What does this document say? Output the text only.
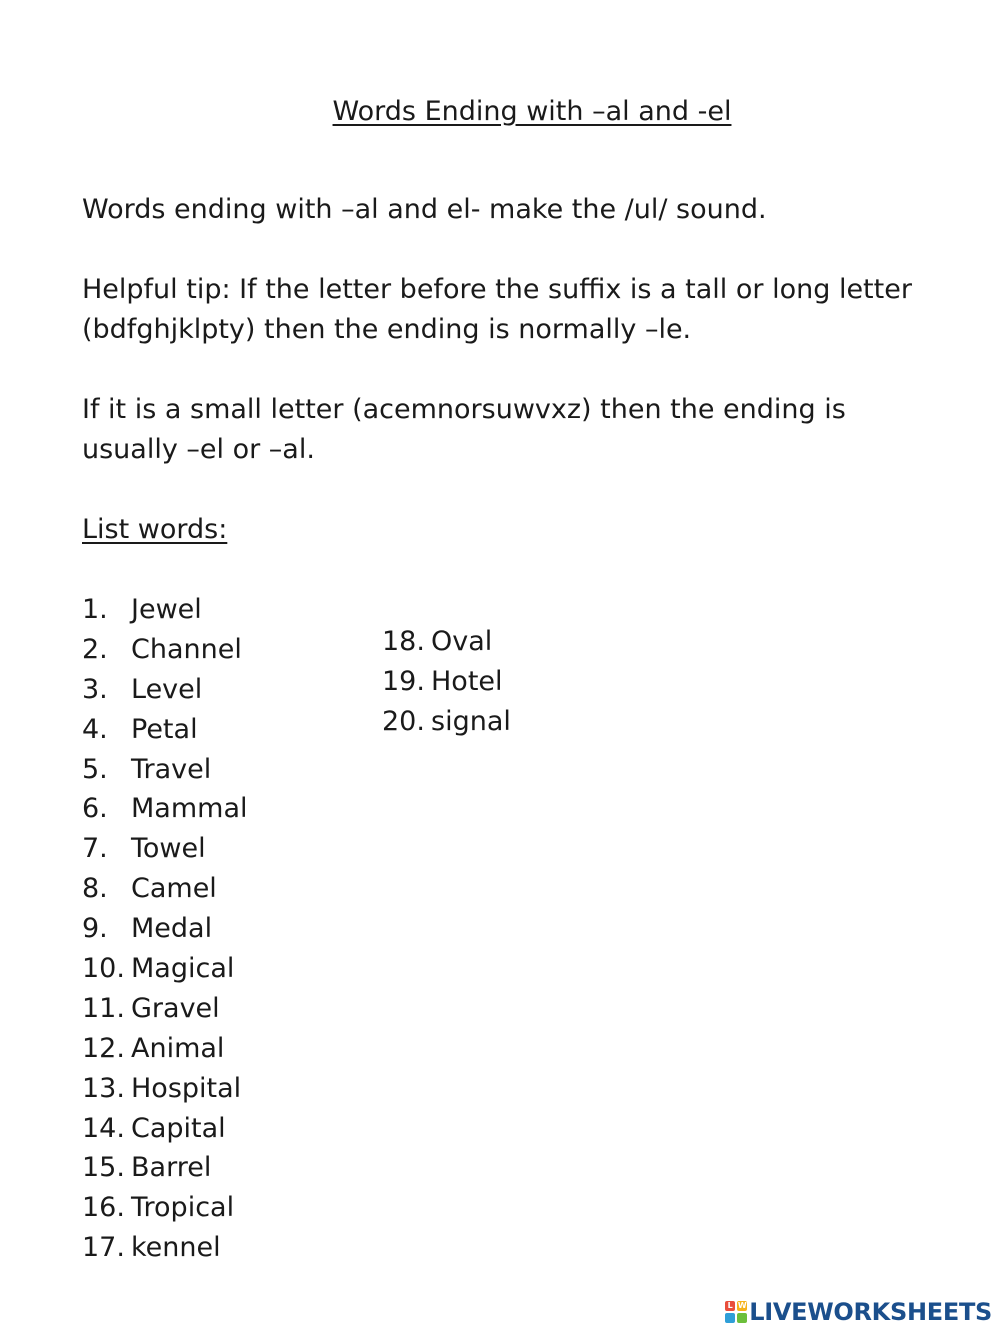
Words Ending with –al and -el

Words ending with –al and el- make the /ul/ sound.

Helpful tip: If the letter before the suffix is a tall or long letter
(bdfghjklpty) then the ending is normally –le.

If it is a small letter (acemnorsuwvxz) then the ending is
usually –el or –al.

List words:

1. Jewel
2. Channel
3. Level
4. Petal
5. Travel
6. Mammal
7. Towel
8. Camel
9. Medal
10. Magical
11. Gravel
12. Animal
13. Hospital
14. Capital
15. Barrel
16. Tropical
17. kennel
18. Oval
19. Hotel
20. signal
L W LIVEWORKSHEETS
